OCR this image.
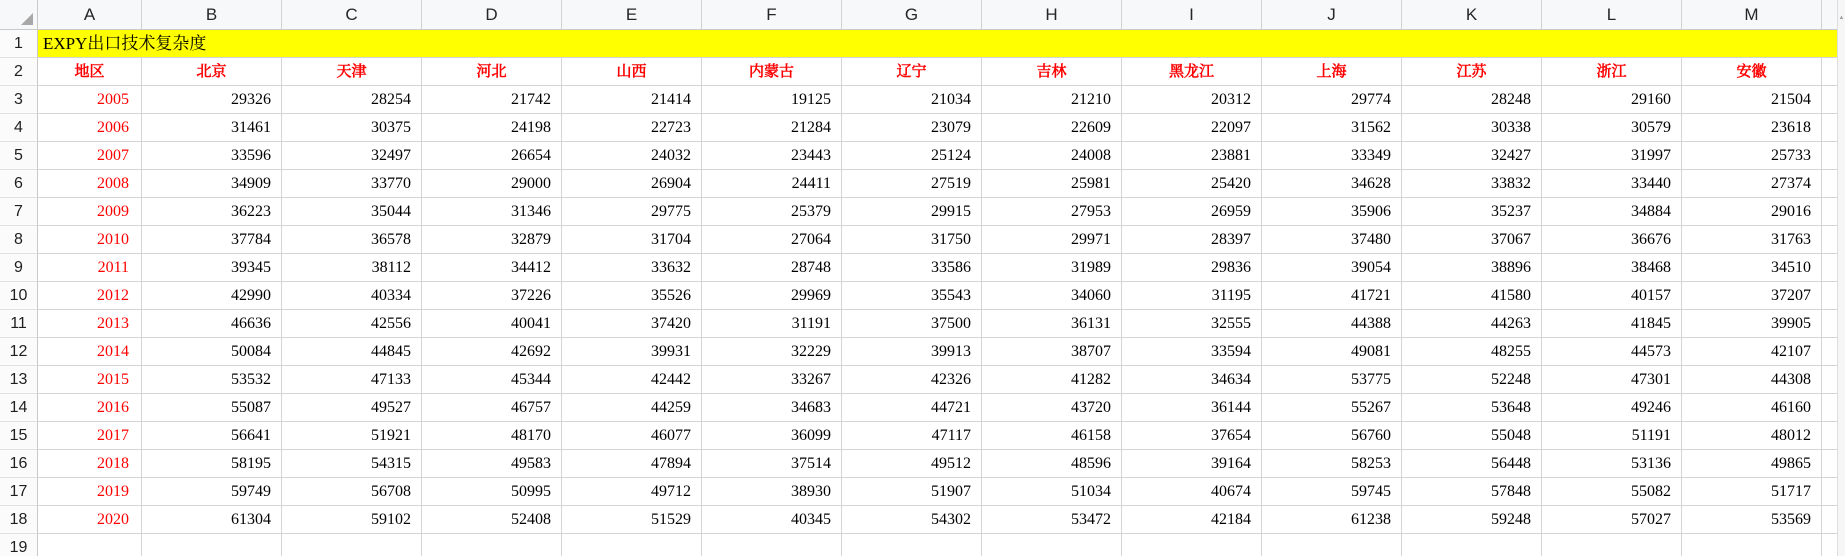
A	B	C	D	E	F	G	H	I	J	K	L	M
1	EXPY出口技术复杂度
2	地区	北京	天津	河北	山西	内蒙古	辽宁	吉林	黑龙江	上海	江苏	浙江	安徽
3	2005	29326	28254	21742	21414	19125	21034	21210	20312	29774	28248	29160	21504
4	2006	31461	30375	24198	22723	21284	23079	22609	22097	31562	30338	30579	23618
5	2007	33596	32497	26654	24032	23443	25124	24008	23881	33349	32427	31997	25733
6	2008	34909	33770	29000	26904	24411	27519	25981	25420	34628	33832	33440	27374
7	2009	36223	35044	31346	29775	25379	29915	27953	26959	35906	35237	34884	29016
8	2010	37784	36578	32879	31704	27064	31750	29971	28397	37480	37067	36676	31763
9	2011	39345	38112	34412	33632	28748	33586	31989	29836	39054	38896	38468	34510
10	2012	42990	40334	37226	35526	29969	35543	34060	31195	41721	41580	40157	37207
11	2013	46636	42556	40041	37420	31191	37500	36131	32555	44388	44263	41845	39905
12	2014	50084	44845	42692	39931	32229	39913	38707	33594	49081	48255	44573	42107
13	2015	53532	47133	45344	42442	33267	42326	41282	34634	53775	52248	47301	44308
14	2016	55087	49527	46757	44259	34683	44721	43720	36144	55267	53648	49246	46160
15	2017	56641	51921	48170	46077	36099	47117	46158	37654	56760	55048	51191	48012
16	2018	58195	54315	49583	47894	37514	49512	48596	39164	58253	56448	53136	49865
17	2019	59749	56708	50995	49712	38930	51907	51034	40674	59745	57848	55082	51717
18	2020	61304	59102	52408	51529	40345	54302	53472	42184	61238	59248	57027	53569
19
▲
